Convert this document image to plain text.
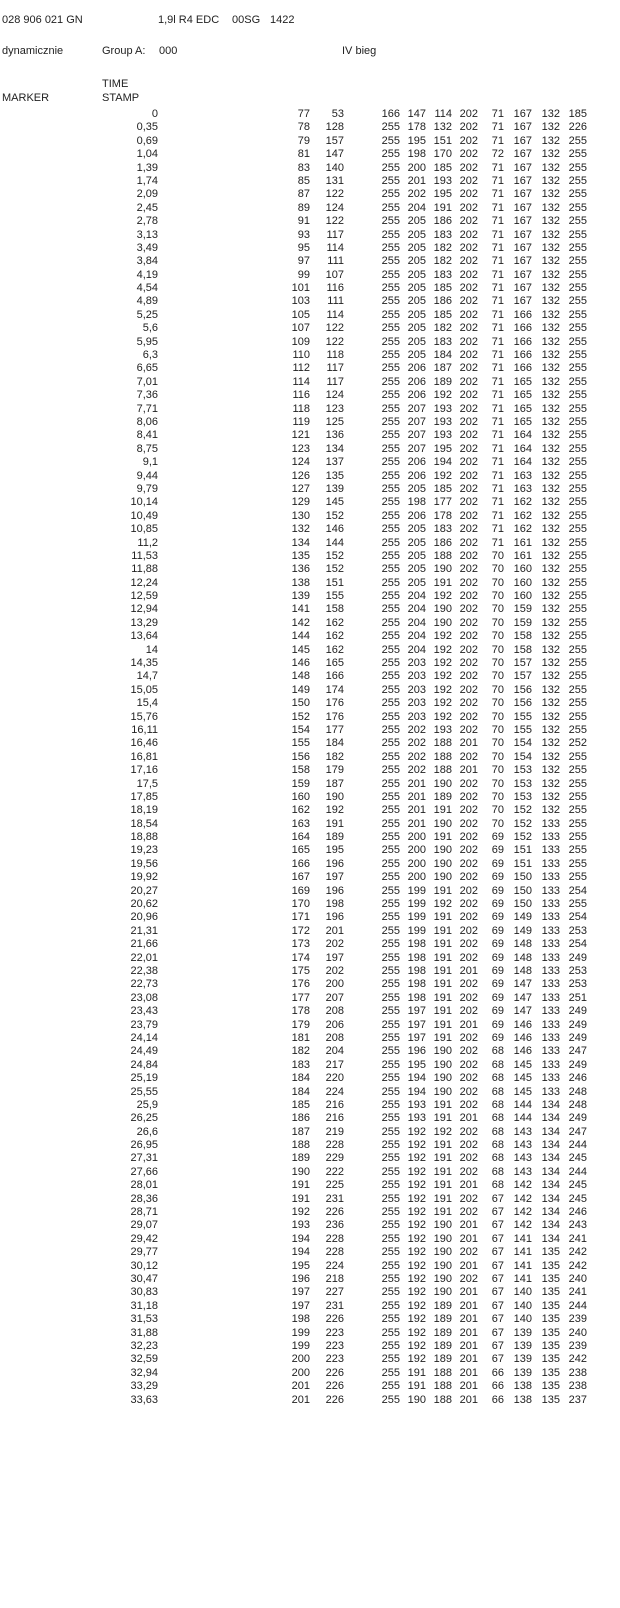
028 906 021 GN	1,9l R4 EDC 00SG 1422
dynamicznie	Group A: 000	IV bieg
TIME
MARKER	STAMP
0	77 53	166 147 114 202 71 167 132 185
0,35	78 128	255 178 132 202 71 167 132 226
0,69	79 157	255 195 151 202 71 167 132 255
1,04	81 147	255 198 170 202 72 167 132 255
1,39	83 140	255 200 185 202 71 167 132 255
1,74	85 131	255 201 193 202 71 167 132 255
2,09	87 122	255 202 195 202 71 167 132 255
2,45	89 124	255 204 191 202 71 167 132 255
2,78	91 122	255 205 186 202 71 167 132 255
3,13	93 117	255 205 183 202 71 167 132 255
3,49	95 114	255 205 182 202 71 167 132 255
3,84	97 111	255 205 182 202 71 167 132 255
4,19	99 107	255 205 183 202 71 167 132 255
4,54	101 116	255 205 185 202 71 167 132 255
4,89	103 111	255 205 186 202 71 167 132 255
5,25	105 114	255 205 185 202 71 166 132 255
5,6	107 122	255 205 182 202 71 166 132 255
5,95	109 122	255 205 183 202 71 166 132 255
6,3	110 118	255 205 184 202 71 166 132 255
6,65	112 117	255 206 187 202 71 166 132 255
7,01	114 117	255 206 189 202 71 165 132 255
7,36	116 124	255 206 192 202 71 165 132 255
7,71	118 123	255 207 193 202 71 165 132 255
8,06	119 125	255 207 193 202 71 165 132 255
8,41	121 136	255 207 193 202 71 164 132 255
8,75	123 134	255 207 195 202 71 164 132 255
9,1	124 137	255 206 194 202 71 164 132 255
9,44	126 135	255 206 192 202 71 163 132 255
9,79	127 139	255 205 185 202 71 163 132 255
10,14	129 145	255 198 177 202 71 162 132 255
10,49	130 152	255 206 178 202 71 162 132 255
10,85	132 146	255 205 183 202 71 162 132 255
11,2	134 144	255 205 186 202 71 161 132 255
11,53	135 152	255 205 188 202 70 161 132 255
11,88	136 152	255 205 190 202 70 160 132 255
12,24	138 151	255 205 191 202 70 160 132 255
12,59	139 155	255 204 192 202 70 160 132 255
12,94	141 158	255 204 190 202 70 159 132 255
13,29	142 162	255 204 190 202 70 159 132 255
13,64	144 162	255 204 192 202 70 158 132 255
14	145 162	255 204 192 202 70 158 132 255
14,35	146 165	255 203 192 202 70 157 132 255
14,7	148 166	255 203 192 202 70 157 132 255
15,05	149 174	255 203 192 202 70 156 132 255
15,4	150 176	255 203 192 202 70 156 132 255
15,76	152 176	255 203 192 202 70 155 132 255
16,11	154 177	255 202 193 202 70 155 132 255
16,46	155 184	255 202 188 201 70 154 132 252
16,81	156 182	255 202 188 202 70 154 132 255
17,16	158 179	255 202 188 201 70 153 132 255
17,5	159 187	255 201 190 202 70 153 132 255
17,85	160 190	255 201 189 202 70 153 132 255
18,19	162 192	255 201 191 202 70 152 132 255
18,54	163 191	255 201 190 202 70 152 133 255
18,88	164 189	255 200 191 202 69 152 133 255
19,23	165 195	255 200 190 202 69 151 133 255
19,56	166 196	255 200 190 202 69 151 133 255
19,92	167 197	255 200 190 202 69 150 133 255
20,27	169 196	255 199 191 202 69 150 133 254
20,62	170 198	255 199 192 202 69 150 133 255
20,96	171 196	255 199 191 202 69 149 133 254
21,31	172 201	255 199 191 202 69 149 133 253
21,66	173 202	255 198 191 202 69 148 133 254
22,01	174 197	255 198 191 202 69 148 133 249
22,38	175 202	255 198 191 201 69 148 133 253
22,73	176 200	255 198 191 202 69 147 133 253
23,08	177 207	255 198 191 202 69 147 133 251
23,43	178 208	255 197 191 202 69 147 133 249
23,79	179 206	255 197 191 201 69 146 133 249
24,14	181 208	255 197 191 202 69 146 133 249
24,49	182 204	255 196 190 202 68 146 133 247
24,84	183 217	255 195 190 202 68 145 133 249
25,19	184 220	255 194 190 202 68 145 133 246
25,55	184 224	255 194 190 202 68 145 133 248
25,9	185 216	255 193 191 202 68 144 134 248
26,25	186 216	255 193 191 201 68 144 134 249
26,6	187 219	255 192 192 202 68 143 134 247
26,95	188 228	255 192 191 202 68 143 134 244
27,31	189 229	255 192 191 202 68 143 134 245
27,66	190 222	255 192 191 202 68 143 134 244
28,01	191 225	255 192 191 201 68 142 134 245
28,36	191 231	255 192 191 202 67 142 134 245
28,71	192 226	255 192 191 202 67 142 134 246
29,07	193 236	255 192 190 201 67 142 134 243
29,42	194 228	255 192 190 201 67 141 134 241
29,77	194 228	255 192 190 202 67 141 135 242
30,12	195 224	255 192 190 201 67 141 135 242
30,47	196 218	255 192 190 202 67 141 135 240
30,83	197 227	255 192 190 201 67 140 135 241
31,18	197 231	255 192 189 201 67 140 135 244
31,53	198 226	255 192 189 201 67 140 135 239
31,88	199 223	255 192 189 201 67 139 135 240
32,23	199 223	255 192 189 201 67 139 135 239
32,59	200 223	255 192 189 201 67 139 135 242
32,94	200 226	255 191 188 201 66 139 135 238
33,29	201 226	255 191 188 201 66 138 135 238
33,63	201 226	255 190 188 201 66 138 135 237
